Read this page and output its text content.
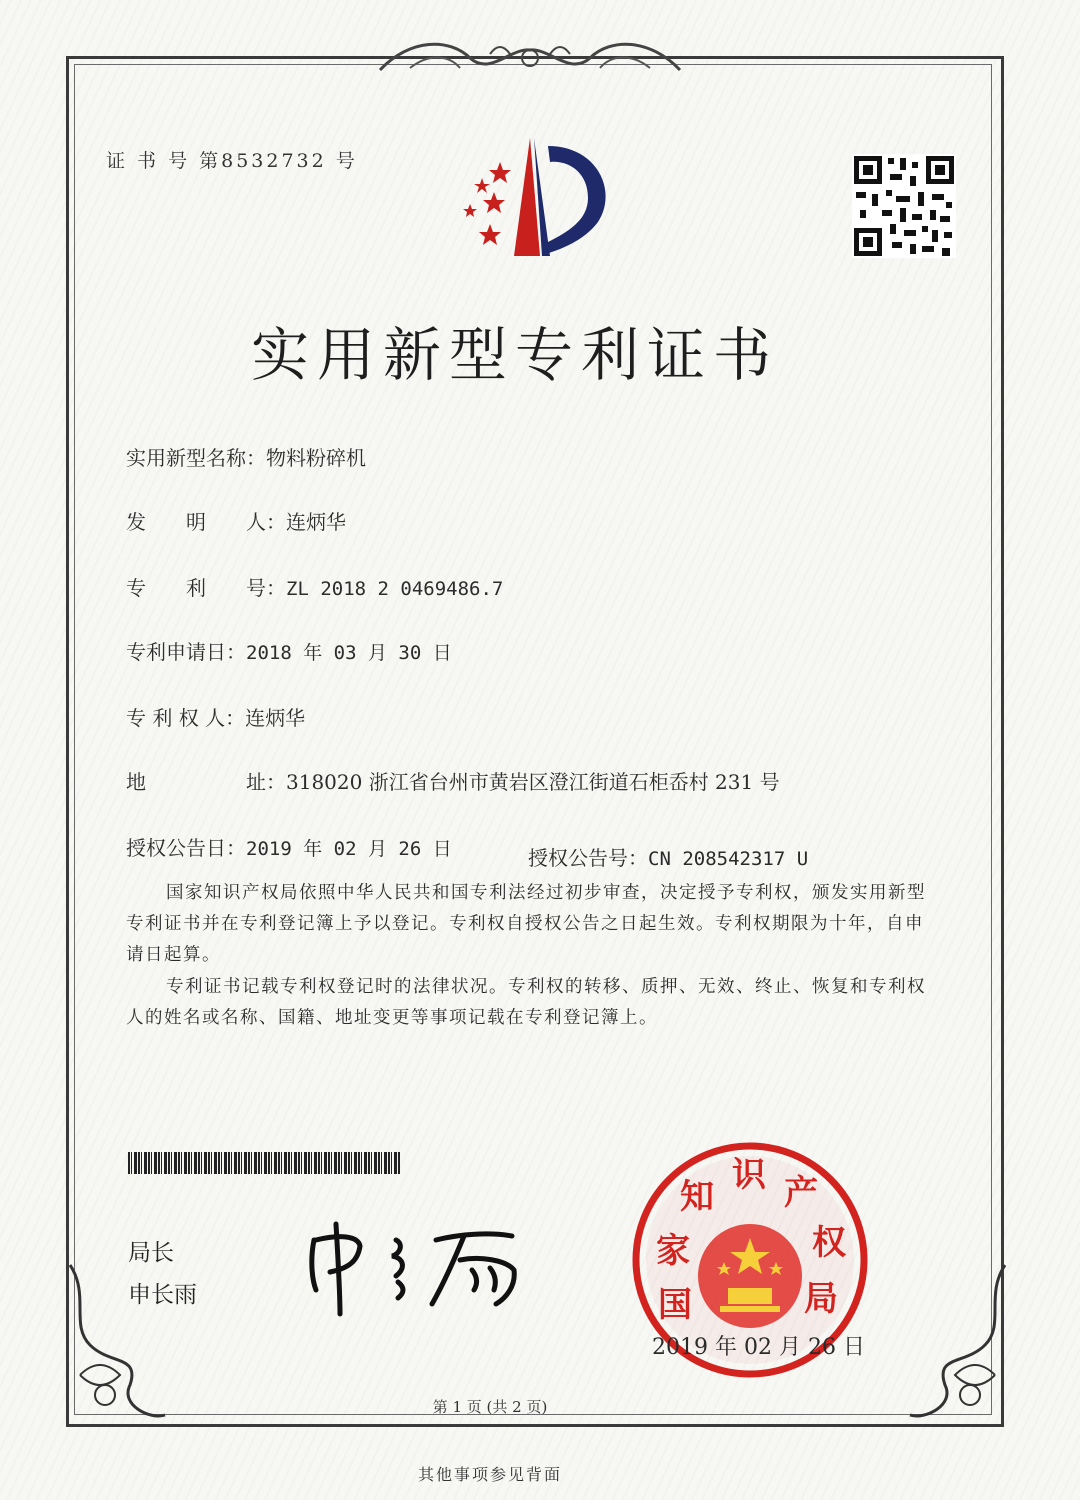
证 书 号 第8532732 号
实用新型专利证书
实用新型名称：物料粉碎机
发　　明　　人：连炳华
专　　利　　号：ZL 2018 2 0469486.7
专利申请日：2018 年 03 月 30 日
专 利 权 人：连炳华
地　　　　　址：318020 浙江省台州市黄岩区澄江街道石柜岙村 231 号
授权公告日：2019 年 02 月 26 日	授权公告号：CN 208542317 U
国家知识产权局依照中华人民共和国专利法经过初步审查，决定授予专利权，颁发实用新型专利证书并在专利登记簿上予以登记。专利权自授权公告之日起生效。专利权期限为十年，自申请日起算。
专利证书记载专利权登记时的法律状况。专利权的转移、质押、无效、终止、恢复和专利权人的姓名或名称、国籍、地址变更等事项记载在专利登记簿上。
局长
申长雨
家
知
识 产
权
局
国
2019 年 02 月 26 日
第 1 页 (共 2 页)
其他事项参见背面
